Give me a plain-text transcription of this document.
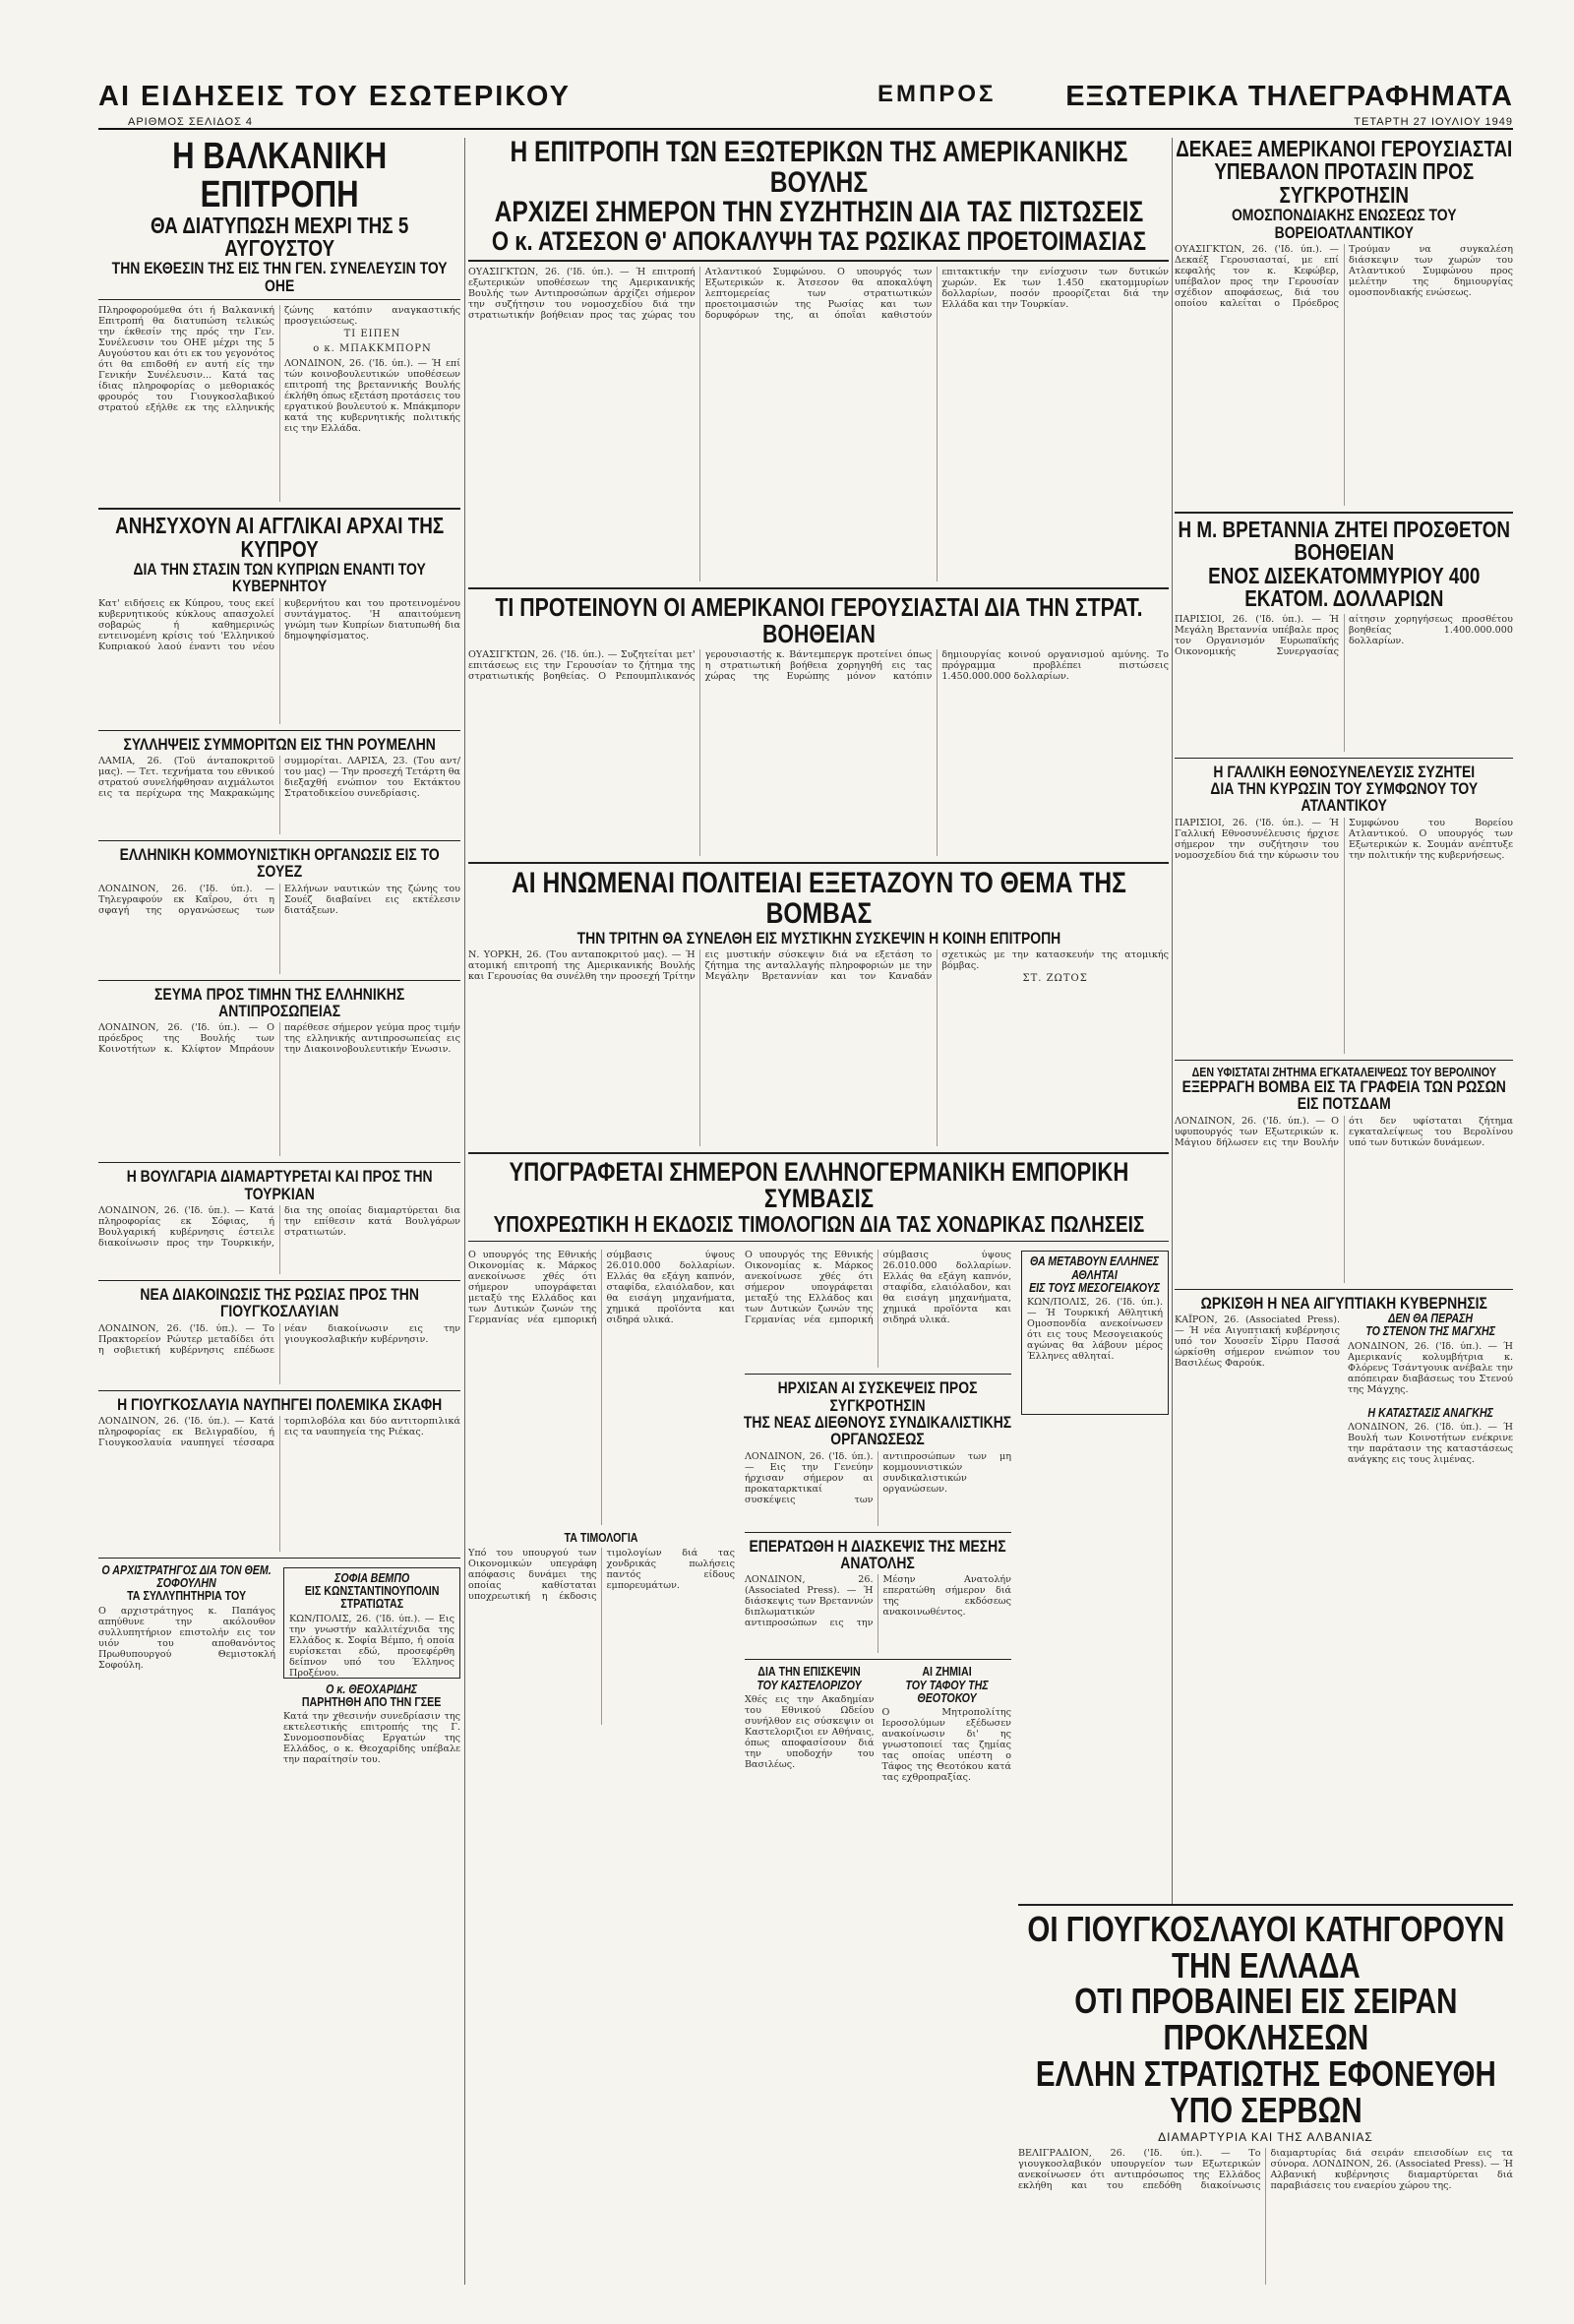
ΑΙ ΕΙΔΗΣΕΙΣ ΤΟΥ ΕΣΩΤΕΡΙΚΟΥ
ΑΡΙΘΜΟΣ ΣΕΛΙΔΟΣ 4
ΕΜΠΡΟΣ ΕΞΩΤΕΡΙΚΑ ΤΗΛΕΓΡΑΦΗΜΑΤΑ
ΤΕΤΑΡΤΗ 27 ΙΟΥΛΙΟΥ 1949
Η ΒΑΛΚΑΝΙΚΗ ΕΠΙΤΡΟΠΗ
ΘΑ ΔΙΑΤΥΠΩΣΗ ΜΕΧΡΙ ΤΗΣ 5 ΑΥΓΟΥΣΤΟΥ
ΤΗΝ ΕΚΘΕΣΙΝ ΤΗΣ ΕΙΣ ΤΗΝ ΓΕΝ. ΣΥΝΕΛΕΥΣΙΝ ΤΟΥ ΟΗΕ
Πληροφορούμεθα ότι ή Βαλκανική Επιτροπή θα διατυπώση τελικώς την έκθεσίν της πρός την Γεν. Συνέλευσιν του ΟΗΕ μέχρι της 5 Αυγούστου και ότι εκ του γεγονότος ότι θα επιδοθή εν αυτή είς την Γενικήν Συνέλευσιν... Κατά τας ίδιας πληροφορίας ο μεθοριακός φρουρός του Γιουγκοσλαβικού στρατού εξήλθε εκ της ελληνικής ζώνης κατόπιν αναγκαστικής προσγειώσεως.
ΤΙ ΕΙΠΕΝ
ο κ. ΜΠΑΚΚΜΠΟΡΝ
ΛΟΝΔΙΝΟΝ, 26. ('Ιδ. ύπ.). — Ή επί τών κοινοβουλευτικών υποθέσεων επιτροπή της βρεταννικής Βουλής έκλήθη όπως εξετάση προτάσεις του εργατικού βουλευτού κ. Μπάκμπορν κατά της κυβερνητικής πολιτικής εις την Ελλάδα.
ΑΝΗΣΥΧΟΥΝ ΑΙ ΑΓΓΛΙΚΑΙ ΑΡΧΑΙ ΤΗΣ ΚΥΠΡΟΥ
ΔΙΑ ΤΗΝ ΣΤΑΣΙΝ ΤΩΝ ΚΥΠΡΙΩΝ ΕΝΑΝΤΙ ΤΟΥ ΚΥΒΕΡΝΗΤΟΥ
Κατ' ειδήσεις εκ Κύπρου, τους εκεί κυβερνητικούς κύκλους απασχολεί σοβαρώς ή καθημερινώς εντεινομένη κρίσις τού 'Ελληνικού Κυπριακού λαού έναντι του νέου κυβερνήτου και του προτεινομένου συντάγματος. 'Η απαιτούμενη γνώμη των Κυπρίων διατυπωθή δια δημοψηφίσματος.
ΣΥΛΛΗΨΕΙΣ ΣΥΜΜΟΡΙΤΩΝ ΕΙΣ ΤΗΝ ΡΟΥΜΕΛΗΝ
ΛΑΜΙΑ, 26. (Τοϋ άνταποκριτοϋ μας). — Τετ. τεχνήματα του εθνικού στρατού συνελήφθησαν αιχμάλωτοι εις τα περίχωρα της Μακρακώμης συμμορίται. ΛΑΡΙΣΑ, 23. (Του αντ/του μας) — Την προσεχή Τετάρτη θα διεξαχθή ενώπιον του Εκτάκτου Στρατοδικείου συνεδρίασις.
ΕΛΛΗΝΙΚΗ ΚΟΜΜΟΥΝΙΣΤΙΚΗ ΟΡΓΑΝΩΣΙΣ ΕΙΣ ΤΟ ΣΟΥΕΖ
ΛΟΝΔΙΝΟΝ, 26. ('Ιδ. ύπ.). — Τηλεγραφούν εκ Καΐρου, ότι η σφαγή της οργανώσεως των Ελλήνων ναυτικών της ζώνης του Σουέζ διαβαίνει εις εκτέλεσιν διατάξεων.
ΣΕΥΜΑ ΠΡΟΣ ΤΙΜΗΝ ΤΗΣ ΕΛΛΗΝΙΚΗΣ ΑΝΤΙΠΡΟΣΩΠΕΙΑΣ
ΛΟΝΔΙΝΟΝ, 26. ('Ιδ. ύπ.). — Ο πρόεδρος της Βουλής των Κοινοτήτων κ. Κλίφτον Μπράουν παρέθεσε σήμερον γεύμα προς τιμήν της ελληνικής αντιπροσωπείας εις την Διακοινοβουλευτικήν Ένωσιν.
Η ΒΟΥΛΓΑΡΙΑ ΔΙΑΜΑΡΤΥΡΕΤΑΙ ΚΑΙ ΠΡΟΣ ΤΗΝ ΤΟΥΡΚΙΑΝ
ΛΟΝΔΙΝΟΝ, 26. ('Ιδ. ύπ.). — Κατά πληροφορίας εκ Σόφιας, ή Βουλγαρική κυβέρνησις έστειλε διακοίνωσιν προς την Τουρκικήν, δια της οποίας διαμαρτύρεται δια την επίθεσιν κατά Βουλγάρων στρατιωτών.
ΝΕΑ ΔΙΑΚΟΙΝΩΣΙΣ ΤΗΣ ΡΩΣΙΑΣ ΠΡΟΣ ΤΗΝ ΓΙΟΥΓΚΟΣΛΑΥΙΑΝ
ΛΟΝΔΙΝΟΝ, 26. ('Ιδ. ύπ.). — Το Πρακτορείον Ρώυτερ μεταδίδει ότι η σοβιετική κυβέρνησις επέδωσε νέαν διακοίνωσιν εις την γιουγκοσλαβικήν κυβέρνησιν.
Η ΓΙΟΥΓΚΟΣΛΑΥΙΑ ΝΑΥΠΗΓΕΙ ΠΟΛΕΜΙΚΑ ΣΚΑΦΗ
ΛΟΝΔΙΝΟΝ, 26. ('Ιδ. ύπ.). — Κατά πληροφορίας εκ Βελιγραδίου, ή Γιουγκοσλαυία ναυπηγεί τέσσαρα τορπιλοβόλα και δύο αντιτορπιλικά εις τα ναυπηγεία της Ριέκας.
Ο ΑΡΧΙΣΤΡΑΤΗΓΟΣ ΔΙΑ ΤΟΝ ΘΕΜ. ΣΟΦΟΥΛΗΝ
ΤΑ ΣΥΛΛΥΠΗΤΗΡΙΑ ΤΟΥ
Ο αρχιστράτηγος κ. Παπάγος απηύθυνε την ακόλουθον συλλυπητήριον επιστολήν εις τον υιόν του αποθανόντος Πρωθυπουργού Θεμιστοκλή Σοφούλη.
ΣΟΦΙΑ ΒΕΜΠΟ
ΕΙΣ ΚΩΝΣΤΑΝΤΙΝΟΥΠΟΛΙΝ ΣΤΡΑΤΙΩΤΑΣ
ΚΩΝ/ΠΟΛΙΣ, 26. ('Ιδ. ύπ.). — Εις την γνωστήν καλλιτέχνιδα της Ελλάδος κ. Σοφία Βέμπο, ή οποία ευρίσκεται εδώ, προσεφέρθη δείπνον υπό του Έλληνος Προξένου.
Ο κ. ΘΕΟΧΑΡΙΔΗΣ
ΠΑΡΗΤΗΘΗ ΑΠΟ ΤΗΝ ΓΣΕΕ
Κατά την χθεσινήν συνεδρίασιν της εκτελεστικής επιτροπής της Γ. Συνομοσπονδίας Εργατών της Ελλάδος, ο κ. Θεοχαρίδης υπέβαλε την παραίτησίν του.
Η ΕΠΙΤΡΟΠΗ ΤΩΝ ΕΞΩΤΕΡΙΚΩΝ ΤΗΣ ΑΜΕΡΙΚΑΝΙΚΗΣ ΒΟΥΛΗΣ
ΑΡΧΙΖΕΙ ΣΗΜΕΡΟΝ ΤΗΝ ΣΥΖΗΤΗΣΙΝ ΔΙΑ ΤΑΣ ΠΙΣΤΩΣΕΙΣ
Ο κ. ΑΤΣΕΣΟΝ Θ' ΑΠΟΚΑΛΥΨΗ ΤΑΣ ΡΩΣΙΚΑΣ ΠΡΟΕΤΟΙΜΑΣΙΑΣ
ΟΥΑΣΙΓΚΤΩΝ, 26. ('Ιδ. ύπ.). — Ή επιτροπή εξωτερικών υποθέσεων της Αμερικανικής Βουλής των Αντιπροσώπων άρχίζει σήμερον την συζήτησιν του νομοσχεδίου διά την στρατιωτικήν βοήθειαν προς τας χώρας του Ατλαντικού Συμφώνου. Ο υπουργός των Εξωτερικών κ. Άτσεσον θα αποκαλύψη λεπτομερείας των στρατιωτικών προετοιμασιών της Ρωσίας και των δορυφόρων της, αι όποΐαι καθιστούν επιτακτικήν την ενίσχυσιν των δυτικών χωρών. Εκ των 1.450 εκατομμυρίων δολλαρίων, ποσόν προορίζεται διά την Ελλάδα και την Τουρκίαν.
ΤΙ ΠΡΟΤΕΙΝΟΥΝ ΟΙ ΑΜΕΡΙΚΑΝΟΙ ΓΕΡΟΥΣΙΑΣΤΑΙ ΔΙΑ ΤΗΝ ΣΤΡΑΤ. ΒΟΗΘΕΙΑΝ
ΟΥΑΣΙΓΚΤΩΝ, 26. ('Ιδ. ύπ.). — Συζητείται μετ' επιτάσεως εις την Γερουσίαν το ζήτημα της στρατιωτικής βοηθείας. Ο Ρεπουμπλικανός γερουσιαστής κ. Βάντεμπεργκ προτείνει όπως η στρατιωτική βοήθεια χορηγηθή εις τας χώρας της Ευρώπης μόνον κατόπιν δημιουργίας κοινού οργανισμού αμύνης. Το πρόγραμμα προβλέπει πιστώσεις 1.450.000.000 δολλαρίων.
ΑΙ ΗΝΩΜΕΝΑΙ ΠΟΛΙΤΕΙΑΙ ΕΞΕΤΑΖΟΥΝ ΤΟ ΘΕΜΑ ΤΗΣ ΒΟΜΒΑΣ
ΤΗΝ ΤΡΙΤΗΝ ΘΑ ΣΥΝΕΛΘΗ ΕΙΣ ΜΥΣΤΙΚΗΝ ΣΥΣΚΕΨΙΝ Η ΚΟΙΝΗ ΕΠΙΤΡΟΠΗ
Ν. ΥΟΡΚΗ, 26. (Του ανταποκριτού μας). — Ή ατομική επιτροπή της Αμερικανικής Βουλής και Γερουσίας θα συνέλθη την προσεχή Τρίτην εις μυστικήν σύσκεψιν διά να εξετάση το ζήτημα της ανταλλαγής πληροφοριών με την Μεγάλην Βρεταννίαν και τον Καναδάν σχετικώς με την κατασκευήν της ατομικής βόμβας.
ΣΤ. ΖΩΤΟΣ
ΥΠΟΓΡΑΦΕΤΑΙ ΣΗΜΕΡΟΝ ΕΛΛΗΝΟΓΕΡΜΑΝΙΚΗ ΕΜΠΟΡΙΚΗ ΣΥΜΒΑΣΙΣ
ΥΠΟΧΡΕΩΤΙΚΗ Η ΕΚΔΟΣΙΣ ΤΙΜΟΛΟΓΙΩΝ ΔΙΑ ΤΑΣ ΧΟΝΔΡΙΚΑΣ ΠΩΛΗΣΕΙΣ
Ο υπουργός της Εθνικής Οικονομίας κ. Μάρκος ανεκοίνωσε χθές ότι σήμερον υπογράφεται μεταξύ της Ελλάδος και των Δυτικών ζωνών της Γερμανίας νέα εμπορική σύμβασις ύψους 26.010.000 δολλαρίων. Ελλάς θα εξάγη καπνόν, σταφίδα, ελαιόλαδον, και θα εισάγη μηχανήματα, χημικά προϊόντα και σιδηρά υλικά.
ΤΑ ΤΙΜΟΛΟΓΙΑ
Υπό του υπουργού των Οικονομικών υπεγράφη απόφασις δυνάμει της οποίας καθίσταται υποχρεωτική η έκδοσις τιμολογίων διά τας χονδρικάς πωλήσεις παντός είδους εμπορευμάτων.
Ο υπουργός της Εθνικής Οικονομίας κ. Μάρκος ανεκοίνωσε χθές ότι σήμερον υπογράφεται μεταξύ της Ελλάδος και των Δυτικών ζωνών της Γερμανίας νέα εμπορική σύμβασις ύψους 26.010.000 δολλαρίων. Ελλάς θα εξάγη καπνόν, σταφίδα, ελαιόλαδον, και θα εισάγη μηχανήματα, χημικά προϊόντα και σιδηρά υλικά.
ΗΡΧΙΣΑΝ ΑΙ ΣΥΣΚΕΨΕΙΣ ΠΡΟΣ ΣΥΓΚΡΟΤΗΣΙΝ
ΤΗΣ ΝΕΑΣ ΔΙΕΘΝΟΥΣ ΣΥΝΔΙΚΑΛΙΣΤΙΚΗΣ ΟΡΓΑΝΩΣΕΩΣ
ΛΟΝΔΙΝΟΝ, 26. ('Ιδ. ύπ.). — Εις την Γενεύην ήρχισαν σήμερον αι προκαταρκτικαί συσκέψεις των αντιπροσώπων των μη κομμουνιστικών συνδικαλιστικών οργανώσεων.
ΕΠΕΡΑΤΩΘΗ Η ΔΙΑΣΚΕΨΙΣ ΤΗΣ ΜΕΣΗΣ ΑΝΑΤΟΛΗΣ
ΛΟΝΔΙΝΟΝ, 26. (Associated Press). — Ή διάσκεψις των Βρεταννών διπλωματικών αντιπροσώπων εις την Μέσην Ανατολήν επερατώθη σήμερον διά της εκδόσεως ανακοινωθέντος.
ΔΙΑ ΤΗΝ ΕΠΙΣΚΕΨΙΝ
ΤΟΥ ΚΑΣΤΕΛΟΡΙΖΟΥ
Χθές εις την Ακαδημίαν του Εθνικού Ωδείου συνήλθον εις σύσκεψιν οι Καστελοριζιοι εν Αθήναις, όπως αποφασίσουν διά την υποδοχήν του Βασιλέως.
ΑΙ ΖΗΜΙΑΙ
ΤΟΥ ΤΑΦΟΥ ΤΗΣ ΘΕΟΤΟΚΟΥ
Ο Μητροπολίτης Ιεροσολύμων εξέδωσεν ανακοίνωσιν δι' ης γνωστοποιεί τας ζημίας τας οποίας υπέστη ο Τάφος της Θεοτόκου κατά τας εχθροπραξίας.
ΘΑ ΜΕΤΑΒΟΥΝ ΕΛΛΗΝΕΣ ΑΘΛΗΤΑΙ
ΕΙΣ ΤΟΥΣ ΜΕΣΟΓΕΙΑΚΟΥΣ
ΚΩΝ/ΠΟΛΙΣ, 26. ('Ιδ. ύπ.). — Ή Τουρκική Αθλητική Ομοσπονδία ανεκοίνωσεν ότι εις τους Μεσογειακούς αγώνας θα λάβουν μέρος Έλληνες αθληταί.
ΔΕΚΑΕΞ ΑΜΕΡΙΚΑΝΟΙ ΓΕΡΟΥΣΙΑΣΤΑΙ
ΥΠΕΒΑΛΟΝ ΠΡΟΤΑΣΙΝ ΠΡΟΣ ΣΥΓΚΡΟΤΗΣΙΝ
ΟΜΟΣΠΟΝΔΙΑΚΗΣ ΕΝΩΣΕΩΣ ΤΟΥ ΒΟΡΕΙΟΑΤΛΑΝΤΙΚΟΥ
ΟΥΑΣΙΓΚΤΩΝ, 26. ('Ιδ. ύπ.). — Δεκαέξ Γερουσιασταί, με επί κεφαλής τον κ. Κεφώβερ, υπέβαλον προς την Γερουσίαν σχέδιον αποφάσεως, διά του οποίου καλείται ο Πρόεδρος Τρούμαν να συγκαλέση διάσκεψιν των χωρών του Ατλαντικού Συμφώνου προς μελέτην της δημιουργίας ομοσπονδιακής ενώσεως.
Η Μ. ΒΡΕΤΑΝΝΙΑ ΖΗΤΕΙ ΠΡΟΣΘΕΤΟΝ ΒΟΗΘΕΙΑΝ
ΕΝΟΣ ΔΙΣΕΚΑΤΟΜΜΥΡΙΟΥ 400 ΕΚΑΤΟΜ. ΔΟΛΛΑΡΙΩΝ
ΠΑΡΙΣΙΟΙ, 26. ('Ιδ. ύπ.). — Ή Μεγάλη Βρεταννία υπέβαλε προς τον Οργανισμόν Ευρωπαϊκής Οικονομικής Συνεργασίας αίτησιν χορηγήσεως προσθέτου βοηθείας 1.400.000.000 δολλαρίων.
Η ΓΑΛΛΙΚΗ ΕΘΝΟΣΥΝΕΛΕΥΣΙΣ ΣΥΖΗΤΕΙ
ΔΙΑ ΤΗΝ ΚΥΡΩΣΙΝ ΤΟΥ ΣΥΜΦΩΝΟΥ ΤΟΥ ΑΤΛΑΝΤΙΚΟΥ
ΠΑΡΙΣΙΟΙ, 26. ('Ιδ. ύπ.). — Ή Γαλλική Εθνοσυνέλευσις ήρχισε σήμερον την συζήτησιν του νομοσχεδίου διά την κύρωσιν του Συμφώνου του Βορείου Ατλαντικού. Ο υπουργός των Εξωτερικών κ. Σουμάν ανέπτυξε την πολιτικήν της κυβερνήσεως.
ΔΕΝ ΥΦΙΣΤΑΤΑΙ ΖΗΤΗΜΑ ΕΓΚΑΤΑΛΕΙΨΕΩΣ ΤΟΥ ΒΕΡΟΛΙΝΟΥ
ΕΞΕΡΡΑΓΗ ΒΟΜΒΑ ΕΙΣ ΤΑ ΓΡΑΦΕΙΑ ΤΩΝ ΡΩΣΩΝ ΕΙΣ ΠΟΤΣΔΑΜ
ΛΟΝΔΙΝΟΝ, 26. ('Ιδ. ύπ.). — Ο υφυπουργός των Εξωτερικών κ. Μάγιου δήλωσεν εις την Βουλήν ότι δεν υφίσταται ζήτημα εγκαταλείψεως του Βερολίνου υπό των δυτικών δυνάμεων.
ΩΡΚΙΣΘΗ Η ΝΕΑ ΑΙΓΥΠΤΙΑΚΗ ΚΥΒΕΡΝΗΣΙΣ
ΚΑΪΡΟΝ, 26. (Associated Press). — Ή νέα Αιγυπτιακή κυβέρνησις υπό τον Χουσεΐν Σίρρυ Πασσά ώρκίσθη σήμερον ενώπιον του Βασιλέως Φαρούκ.
ΔΕΝ ΘΑ ΠΕΡΑΣΗ
ΤΟ ΣΤΕΝΟΝ ΤΗΣ ΜΑΓΧΗΣ
ΛΟΝΔΙΝΟΝ, 26. ('Ιδ. ύπ.). — Ή Αμερικανίς κολυμβήτρια κ. Φλόρενς Τσάντγουικ ανέβαλε την απόπειραν διαβάσεως του Στενού της Μάγχης.
Η ΚΑΤΑΣΤΑΣΙΣ ΑΝΑΓΚΗΣ
ΛΟΝΔΙΝΟΝ, 26. ('Ιδ. ύπ.). — Ή Βουλή των Κοινοτήτων ενέκρινε την παράτασιν της καταστάσεως ανάγκης εις τους λιμένας.
ΟΙ ΓΙΟΥΓΚΟΣΛΑΥΟΙ ΚΑΤΗΓΟΡΟΥΝ ΤΗΝ ΕΛΛΑΔΑ
ΟΤΙ ΠΡΟΒΑΙΝΕΙ ΕΙΣ ΣΕΙΡΑΝ ΠΡΟΚΛΗΣΕΩΝ
ΕΛΛΗΝ ΣΤΡΑΤΙΩΤΗΣ ΕΦΟΝΕΥΘΗ ΥΠΟ ΣΕΡΒΩΝ
ΔΙΑΜΑΡΤΥΡΙΑ ΚΑΙ ΤΗΣ ΑΛΒΑΝΙΑΣ
ΒΕΛΙΓΡΑΔΙΟΝ, 26. ('Ιδ. ύπ.). — Το γιουγκοσλαβικόν υπουργείον των Εξωτερικών ανεκοίνωσεν ότι αντιπρόσωπος της Ελλάδος εκλήθη και του επεδόθη διακοίνωσις διαμαρτυρίας διά σειράν επεισοδίων εις τα σύνορα. ΛΟΝΔΙΝΟΝ, 26. (Associated Press). — Ή Αλβανική κυβέρνησις διαμαρτύρεται διά παραβιάσεις του εναερίου χώρου της.
